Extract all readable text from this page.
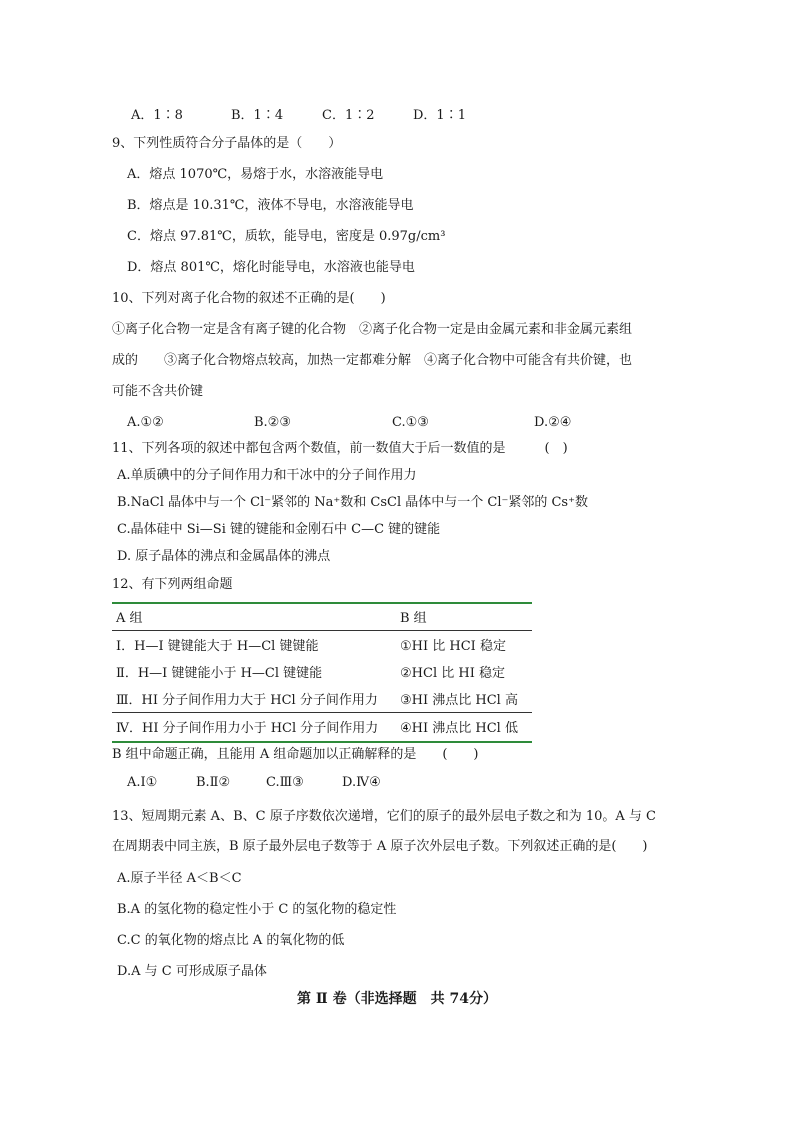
A．1∶8	B．1∶4	C．1∶2	D．1∶1
9、下列性质符合分子晶体的是（　　）
A．熔点 1070℃，易熔于水，水溶液能导电
B．熔点是 10.31℃，液体不导电，水溶液能导电
C．熔点 97.81℃，质软，能导电，密度是 0.97g/cm³
D．熔点 801℃，熔化时能导电，水溶液也能导电
10、下列对离子化合物的叙述不正确的是(　　)
①离子化合物一定是含有离子键的化合物　②离子化合物一定是由金属元素和非金属元素组
成的　　③离子化合物熔点较高，加热一定都难分解　④离子化合物中可能含有共价键，也
可能不含共价键
A.①②	B.②③	C.①③	D.②④
11、下列各项的叙述中都包含两个数值，前一数值大于后一数值的是　　　(　)
A.单质碘中的分子间作用力和干冰中的分子间作用力
B.NaCl 晶体中与一个 Cl⁻紧邻的 Na⁺数和 CsCl 晶体中与一个 Cl⁻紧邻的 Cs⁺数
C.晶体硅中 Si—Si 键的键能和金刚石中 C—C 键的键能
D. 原子晶体的沸点和金属晶体的沸点
12、有下列两组命题
A 组	B 组
Ⅰ．H—I 键键能大于 H—Cl 键键能	①HI 比 HCI 稳定
Ⅱ．H—I 键键能小于 H—Cl 键键能	②HCl 比 HI 稳定
Ⅲ．HI 分子间作用力大于 HCl 分子间作用力	③HI 沸点比 HCl 高
Ⅳ．HI 分子间作用力小于 HCl 分子间作用力	④HI 沸点比 HCl 低
B 组中命题正确，且能用 A 组命题加以正确解释的是　　(　　)
A.Ⅰ①	B.Ⅱ②	C.Ⅲ③	D.Ⅳ④
13、短周期元素 A、B、C 原子序数依次递增，它们的原子的最外层电子数之和为 10。A 与 C
在周期表中同主族，B 原子最外层电子数等于 A 原子次外层电子数。下列叙述正确的是(　　)
A.原子半径 A＜B＜C
B.A 的氢化物的稳定性小于 C 的氢化物的稳定性
C.C 的氧化物的熔点比 A 的氧化物的低
D.A 与 C 可形成原子晶体
第 Ⅱ 卷（非选择题　共 74分）
